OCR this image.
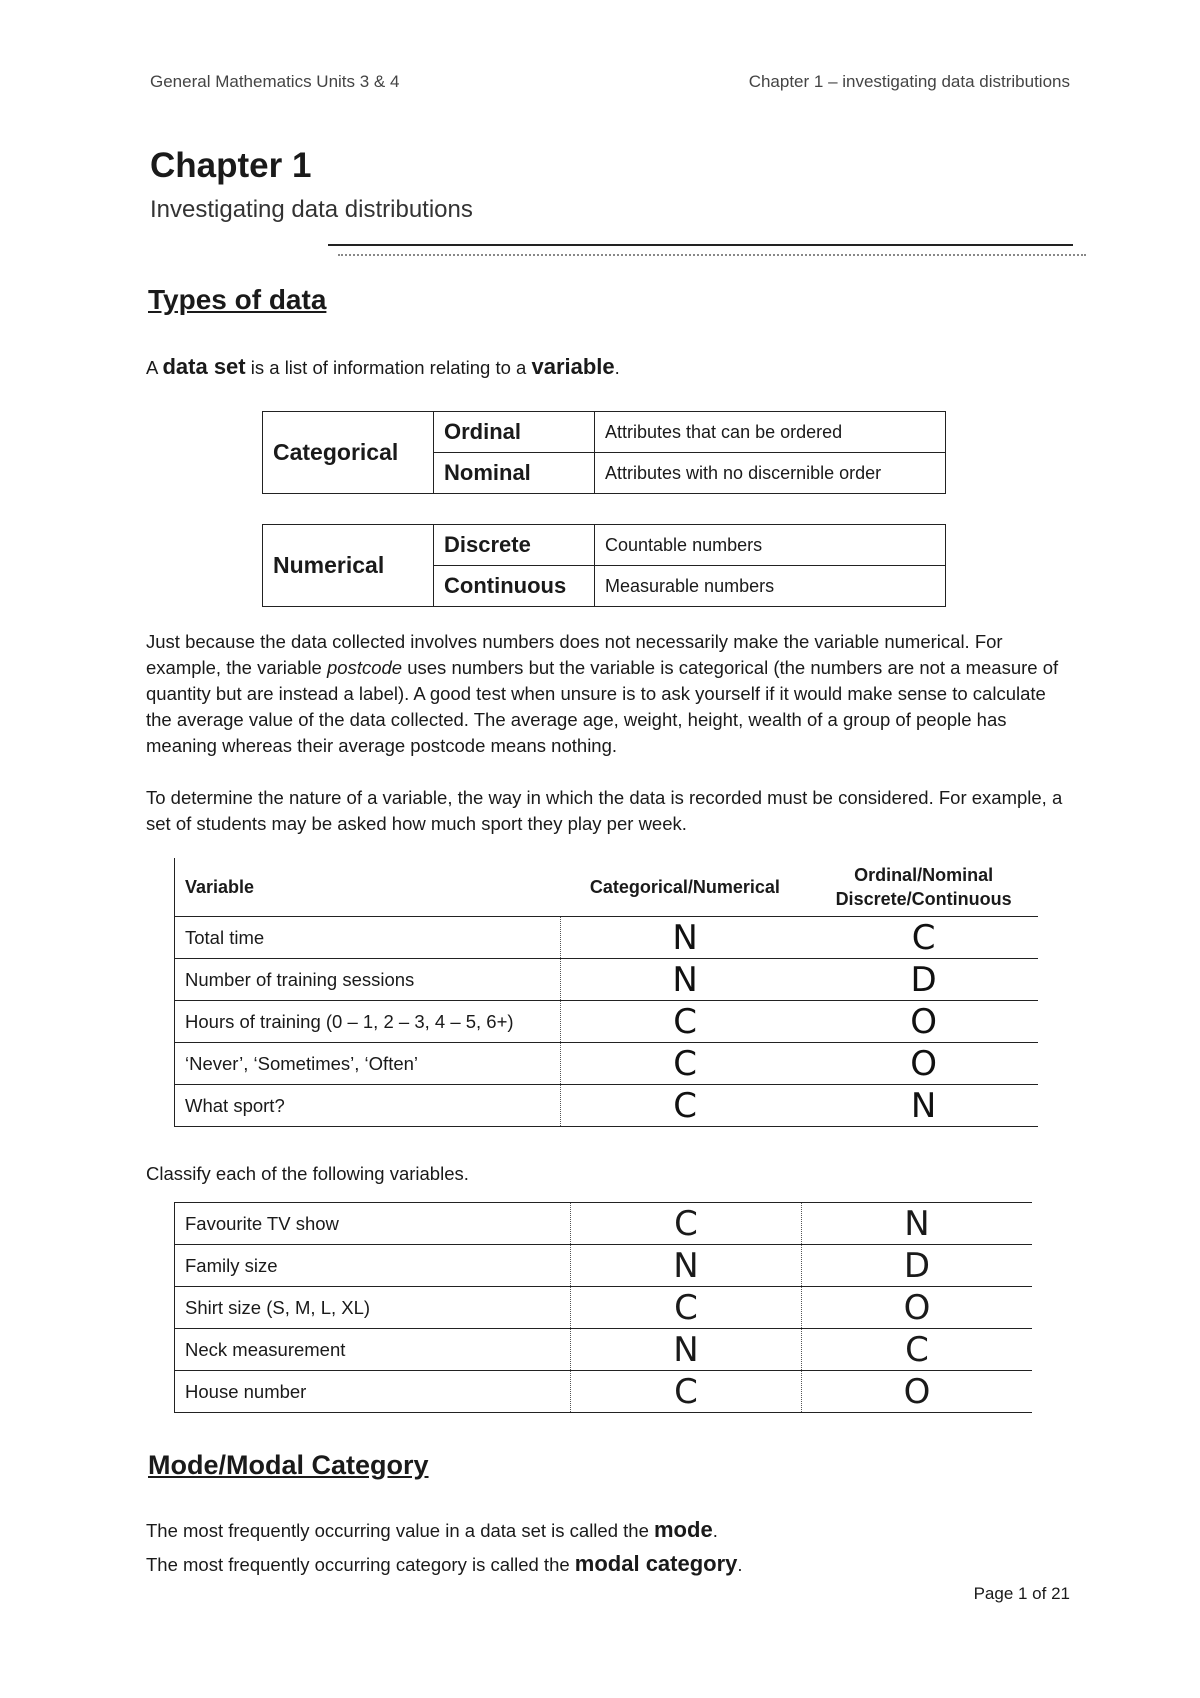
General Mathematics Units 3 & 4	Chapter 1 – investigating data distributions
Chapter 1
Investigating data distributions
Types of data
A data set is a list of information relating to a variable.
Categorical	Ordinal	Attributes that can be ordered
	Nominal	Attributes with no discernible order
Numerical	Discrete	Countable numbers
	Continuous	Measurable numbers
Just because the data collected involves numbers does not necessarily make the variable numerical. For example, the variable postcode uses numbers but the variable is categorical (the numbers are not a measure of quantity but are instead a label). A good test when unsure is to ask yourself if it would make sense to calculate the average value of the data collected. The average age, weight, height, wealth of a group of people has meaning whereas their average postcode means nothing.
To determine the nature of a variable, the way in which the data is recorded must be considered. For example, a set of students may be asked how much sport they play per week.
Variable	Categorical/Numerical	Ordinal/Nominal
Discrete/Continuous

Total time	N	C
Number of training sessions	N	D
Hours of training (0 – 1, 2 – 3, 4 – 5, 6+)	C	O
‘Never’, ‘Sometimes’, ‘Often’	C	O
What sport?	C	N
Classify each of the following variables.
Favourite TV show	C	N
Family size	N	D
Shirt size (S, M, L, XL)	C	O
Neck measurement	N	C
House number	C	O
Mode/Modal Category
The most frequently occurring value in a data set is called the mode.
The most frequently occurring category is called the modal category.
Page 1 of 21
